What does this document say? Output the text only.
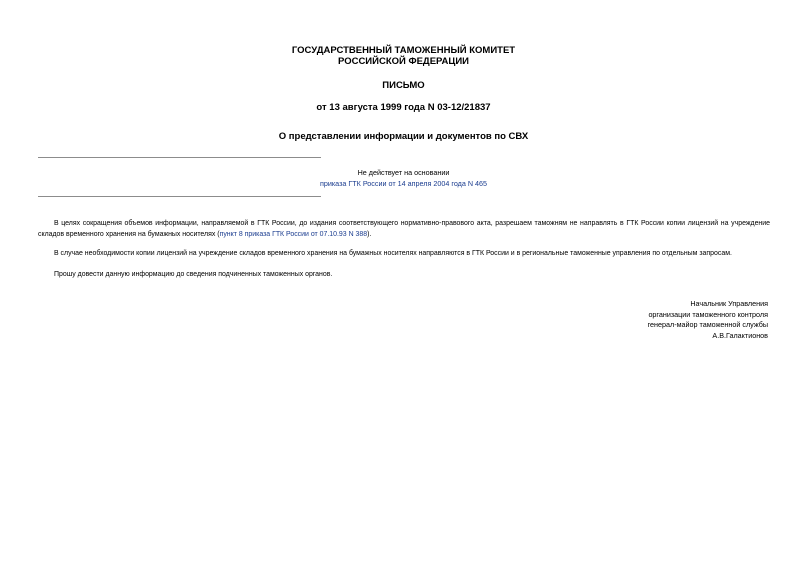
ГОСУДАРСТВЕННЫЙ ТАМОЖЕННЫЙ КОМИТЕТ
РОССИЙСКОЙ ФЕДЕРАЦИИ
ПИСЬМО
от 13 августа 1999 года N 03-12/21837
О представлении информации и документов по СВХ
Не действует на основании
приказа ГТК России от 14 апреля 2004 года N 465
В целях сокращения объемов информации, направляемой в ГТК России, до издания соответствующего нормативно-правового акта, разрешаем таможням не направлять в ГТК России копии лицензий на учреждение складов временного хранения на бумажных носителях (пункт 8 приказа ГТК России от 07.10.93 N 388).
В случае необходимости копии лицензий на учреждение складов временного хранения на бумажных носителях направляются в ГТК России и в региональные таможенные управления по отдельным запросам.
Прошу довести данную информацию до сведения подчиненных таможенных органов.
Начальник Управления
организации таможенного контроля
генерал-майор таможенной службы
А.В.Галактионов
